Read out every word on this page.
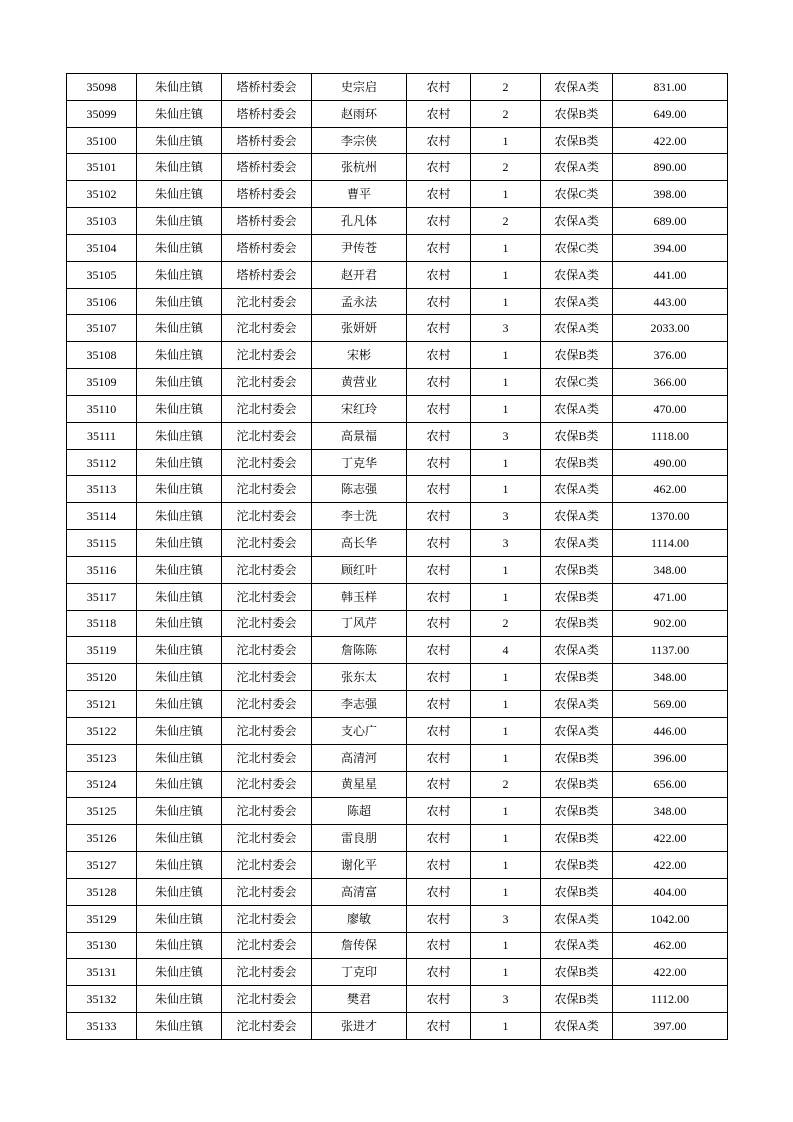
35098	朱仙庄镇	塔桥村委会	史宗启	农村	2	农保A类	831.00
35099	朱仙庄镇	塔桥村委会	赵雨环	农村	2	农保B类	649.00
35100	朱仙庄镇	塔桥村委会	李宗侠	农村	1	农保B类	422.00
35101	朱仙庄镇	塔桥村委会	张杭州	农村	2	农保A类	890.00
35102	朱仙庄镇	塔桥村委会	曹平	农村	1	农保C类	398.00
35103	朱仙庄镇	塔桥村委会	孔凡体	农村	2	农保A类	689.00
35104	朱仙庄镇	塔桥村委会	尹传苍	农村	1	农保C类	394.00
35105	朱仙庄镇	塔桥村委会	赵开君	农村	1	农保A类	441.00
35106	朱仙庄镇	沱北村委会	孟永法	农村	1	农保A类	443.00
35107	朱仙庄镇	沱北村委会	张妍妍	农村	3	农保A类	2033.00
35108	朱仙庄镇	沱北村委会	宋彬	农村	1	农保B类	376.00
35109	朱仙庄镇	沱北村委会	黄营业	农村	1	农保C类	366.00
35110	朱仙庄镇	沱北村委会	宋红玲	农村	1	农保A类	470.00
35111	朱仙庄镇	沱北村委会	高景福	农村	3	农保B类	1118.00
35112	朱仙庄镇	沱北村委会	丁克华	农村	1	农保B类	490.00
35113	朱仙庄镇	沱北村委会	陈志强	农村	1	农保A类	462.00
35114	朱仙庄镇	沱北村委会	李士洗	农村	3	农保A类	1370.00
35115	朱仙庄镇	沱北村委会	高长华	农村	3	农保A类	1114.00
35116	朱仙庄镇	沱北村委会	顾红叶	农村	1	农保B类	348.00
35117	朱仙庄镇	沱北村委会	韩玉样	农村	1	农保B类	471.00
35118	朱仙庄镇	沱北村委会	丁风芹	农村	2	农保B类	902.00
35119	朱仙庄镇	沱北村委会	詹陈陈	农村	4	农保A类	1137.00
35120	朱仙庄镇	沱北村委会	张东太	农村	1	农保B类	348.00
35121	朱仙庄镇	沱北村委会	李志强	农村	1	农保A类	569.00
35122	朱仙庄镇	沱北村委会	支心广	农村	1	农保A类	446.00
35123	朱仙庄镇	沱北村委会	高清河	农村	1	农保B类	396.00
35124	朱仙庄镇	沱北村委会	黄星星	农村	2	农保B类	656.00
35125	朱仙庄镇	沱北村委会	陈超	农村	1	农保B类	348.00
35126	朱仙庄镇	沱北村委会	雷良朋	农村	1	农保B类	422.00
35127	朱仙庄镇	沱北村委会	谢化平	农村	1	农保B类	422.00
35128	朱仙庄镇	沱北村委会	高清富	农村	1	农保B类	404.00
35129	朱仙庄镇	沱北村委会	廖敏	农村	3	农保A类	1042.00
35130	朱仙庄镇	沱北村委会	詹传保	农村	1	农保A类	462.00
35131	朱仙庄镇	沱北村委会	丁克印	农村	1	农保B类	422.00
35132	朱仙庄镇	沱北村委会	樊君	农村	3	农保B类	1112.00
35133	朱仙庄镇	沱北村委会	张进才	农村	1	农保A类	397.00
